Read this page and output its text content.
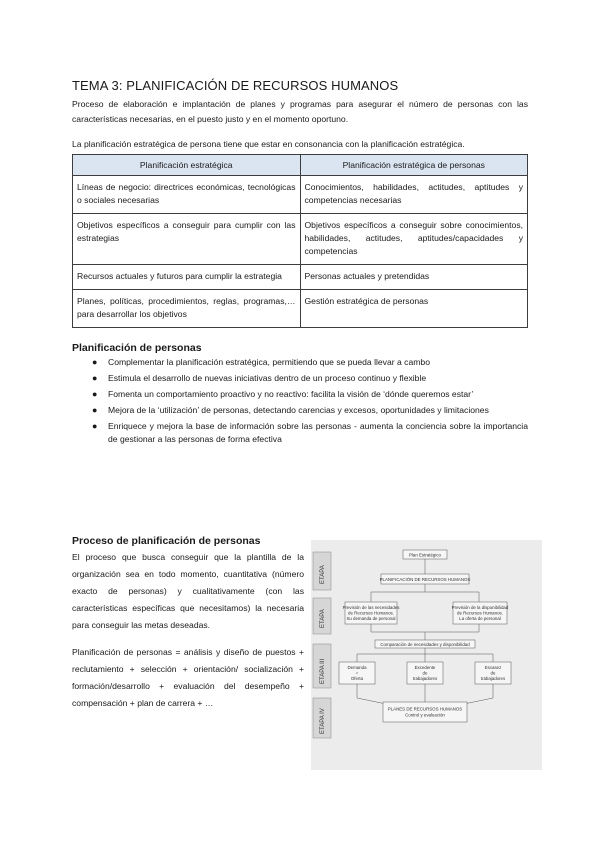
TEMA 3: PLANIFICACIÓN DE RECURSOS HUMANOS

Proceso de elaboración e implantación de planes y programas para asegurar el número de personas con las características necesarias, en el puesto justo y en el momento oportuno.

La planificación estratégica de persona tiene que estar en consonancia con la planificación estratégica.

Planificación estratégica	Planificación estratégica de personas
Líneas de negocio: directrices económicas, tecnológicas o sociales necesarias	Conocimientos, habilidades, actitudes, aptitudes y competencias necesarias
Objetivos específicos a conseguir para cumplir con las estrategias	Objetivos específicos a conseguir sobre conocimientos, habilidades, actitudes, aptitudes/capacidades y competencias
Recursos actuales y futuros para cumplir la estrategia	Personas actuales y pretendidas
Planes, políticas, procedimientos, reglas, programas,… para desarrollar los objetivos	Gestión estratégica de personas
Planificación de personas
● Complementar la planificación estratégica, permitiendo que se pueda llevar a cambo
● Estimula el desarrollo de nuevas iniciativas dentro de un proceso continuo y flexible
● Fomenta un comportamiento proactivo y no reactivo: facilita la visión de ‘dónde queremos estar’
● Mejora de la ‘utilización’ de personas, detectando carencias y excesos, oportunidades y limitaciones
● Enriquece y mejora la base de información sobre las personas - aumenta la conciencia sobre la importancia de gestionar a las personas de forma efectiva
Proceso de planificación de personas

El proceso que busca conseguir que la plantilla de la organización sea en todo momento, cuantitativa (número exacto de personas) y cualitativamente (con las características específicas que necesitamos) la necesaria para conseguir las metas deseadas.

Planificación de personas = análisis y diseño de puestos + reclutamiento + selección + orientación/ socialización + formación/desarrollo + evaluación del desempeño + compensación + plan de carrera + …

ETAPA
ETAPA
ETAPA III
ETAPA IV
Plan Estratégico
PLANIFICACIÓN DE RECURSOS HUMANOS
Previsión de las necesidades
de Recursos Humanos.
Su demanda de personal
Previsión de la disponibilidad
de Recursos Humanos.
La oferta de personal
Comparación de necesidades y disponibilidad
Demanda
=
Oferta
Excedente
de
trabajadores
Escasez
de
trabajadores
PLANES DE RECURSOS HUMANOS
Control y evaluación
